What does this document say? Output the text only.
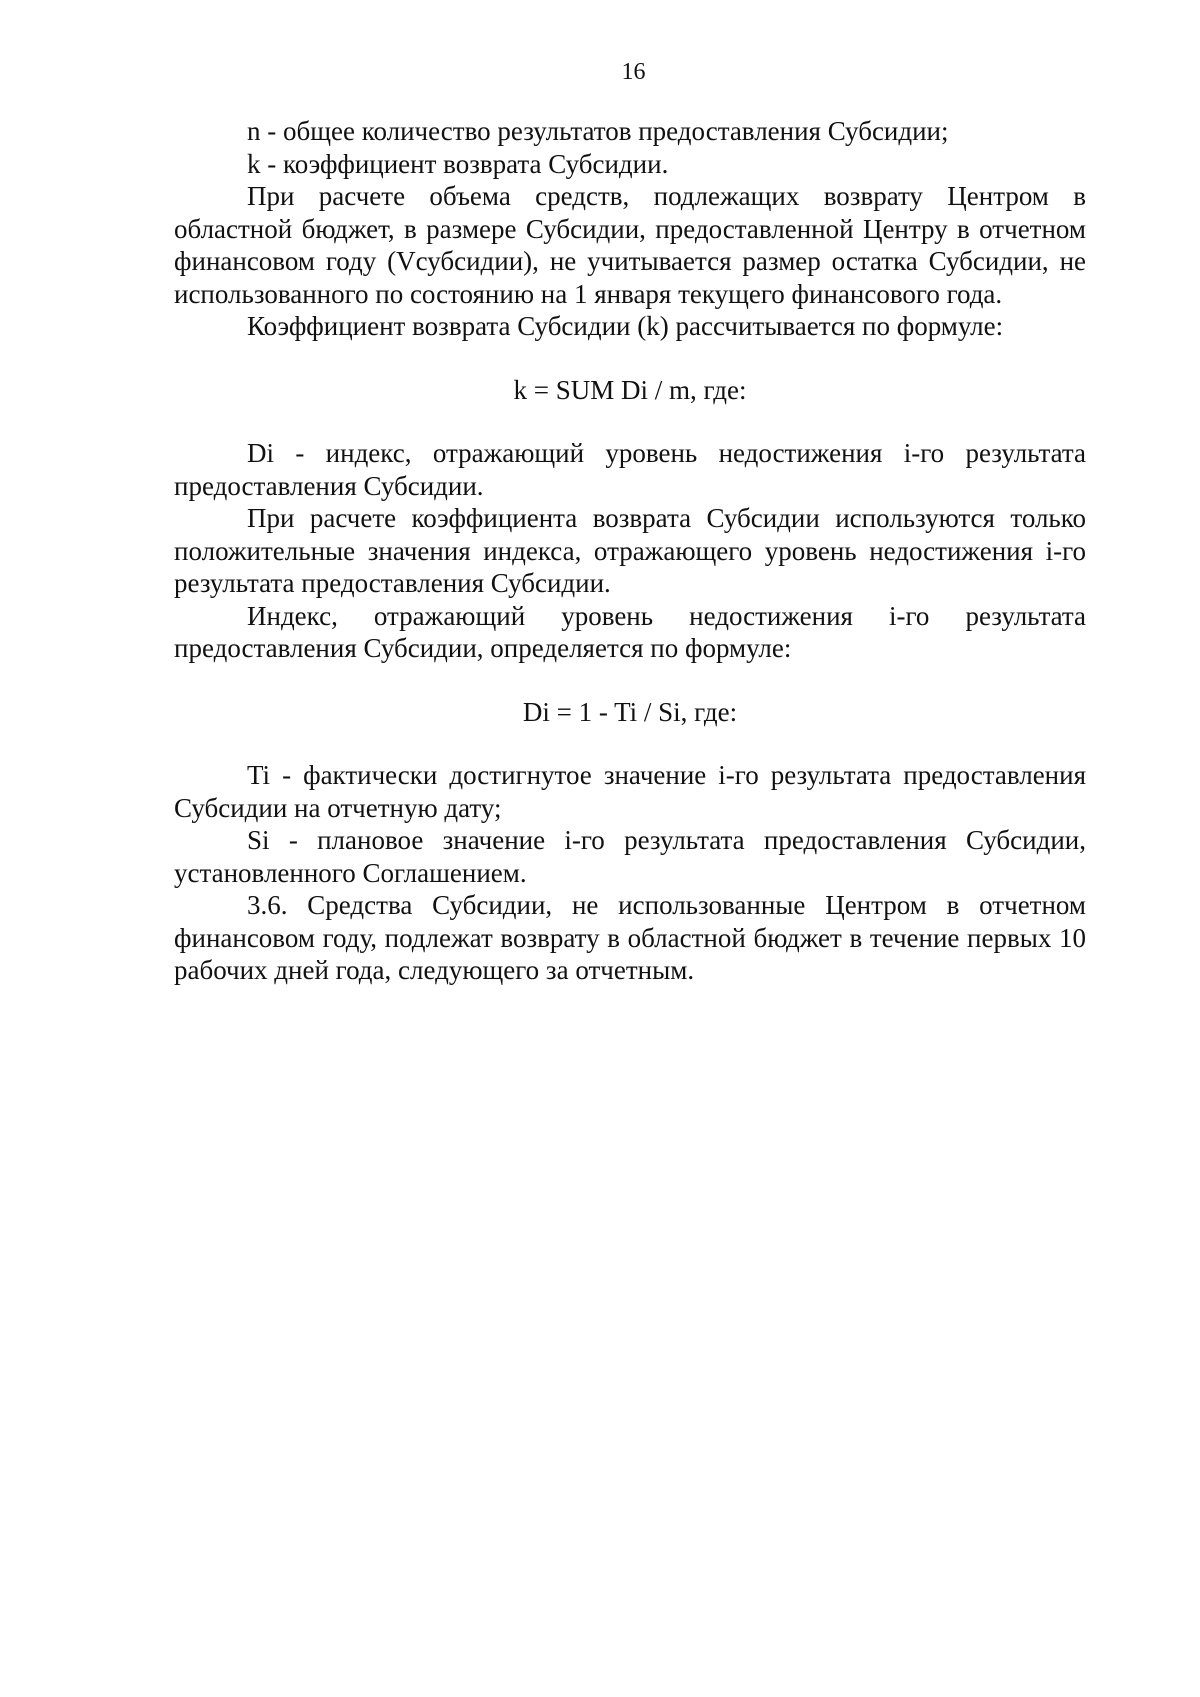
16

n - общее количество результатов предоставления Субсидии;

k - коэффициент возврата Субсидии.

При расчете объема средств, подлежащих возврату Центром в областной бюджет, в размере Субсидии, предоставленной Центру в отчетном финансовом году (Vсубсидии), не учитывается размер остатка Субсидии, не использованного по состоянию на 1 января текущего финансового года.

Коэффициент возврата Субсидии (k) рассчитывается по формуле:

k = SUM Di / m, где:

Di - индекс, отражающий уровень недостижения i-го результата предоставления Субсидии.

При расчете коэффициента возврата Субсидии используются только положительные значения индекса, отражающего уровень недостижения i-го результата предоставления Субсидии.

Индекс, отражающий уровень недостижения i-го результата предоставления Субсидии, определяется по формуле:

Di = 1 - Ti / Si, где:

Ti - фактически достигнутое значение i-го результата предоставления Субсидии на отчетную дату;

Si - плановое значение i-го результата предоставления Субсидии, установленного Соглашением.

3.6. Средства Субсидии, не использованные Центром в отчетном финансовом году, подлежат возврату в областной бюджет в течение первых 10 рабочих дней года, следующего за отчетным.
